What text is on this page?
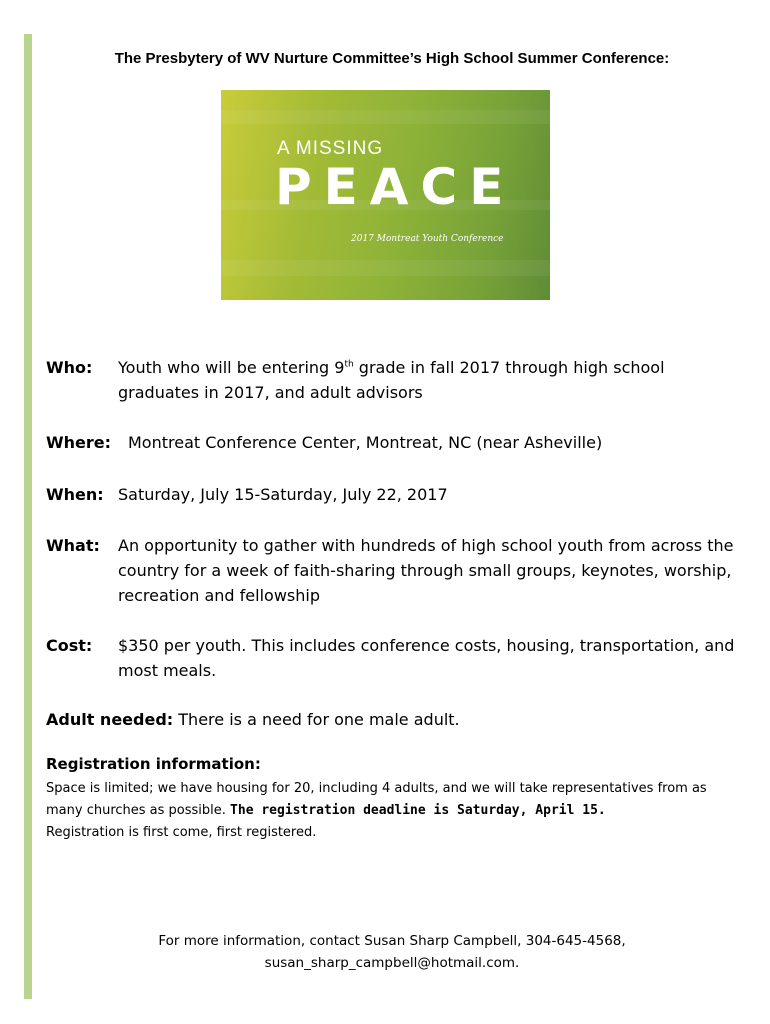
The Presbytery of WV Nurture Committee’s High School Summer Conference:
A MISSING
PEACE
2017 Montreat Youth Conference
Who: Youth who will be entering 9th grade in fall 2017 through high school graduates in 2017, and adult advisors
Where: Montreat Conference Center, Montreat, NC (near Asheville)
When: Saturday, July 15-Saturday, July 22, 2017
What: An opportunity to gather with hundreds of high school youth from across the country for a week of faith-sharing through small groups, keynotes, worship, recreation and fellowship
Cost: $350 per youth. This includes conference costs, housing, transportation, and most meals.
Adult needed: There is a need for one male adult.
Registration information:
Space is limited; we have housing for 20, including 4 adults, and we will take representatives from as many churches as possible. The registration deadline is Saturday, April 15.
Registration is first come, first registered.
For more information, contact Susan Sharp Campbell, 304-645-4568,
susan_sharp_campbell@hotmail.com.
